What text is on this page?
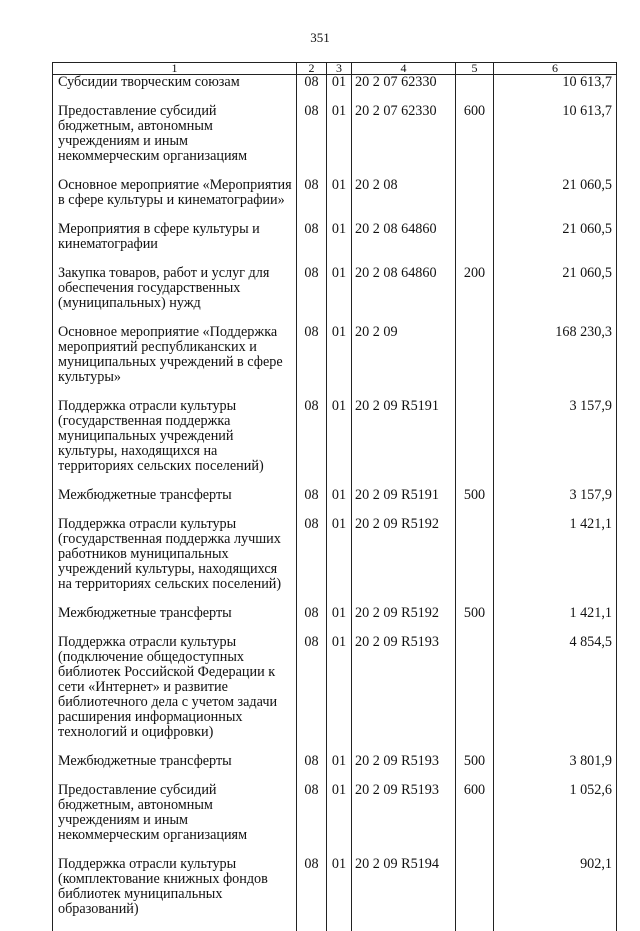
351
1	2	3	4	5	6
Субсидии творческим союзам	08	01	20 2 07 62330		10 613,7

Предоставление субсидий бюджетным, автономным учреждениям и иным некоммерческим организациям	08	01	20 2 07 62330	600	10 613,7

Основное мероприятие «Мероприятия в сфере культуры и кинематографии»	08	01	20 2 08		21 060,5

Мероприятия в сфере культуры и кинематографии	08	01	20 2 08 64860		21 060,5

Закупка товаров, работ и услуг для обеспечения государственных (муниципальных) нужд	08	01	20 2 08 64860	200	21 060,5

Основное мероприятие «Поддержка мероприятий республиканских и муниципальных учреждений в сфере культуры»	08	01	20 2 09		168 230,3

Поддержка отрасли культуры (государственная поддержка муниципальных учреждений культуры, находящихся на территориях сельских поселений)	08	01	20 2 09 R5191		3 157,9

Межбюджетные трансферты	08	01	20 2 09 R5191	500	3 157,9

Поддержка отрасли культуры (государственная поддержка лучших работников муниципальных учреждений культуры, находящихся на территориях сельских поселений)	08	01	20 2 09 R5192		1 421,1

Межбюджетные трансферты	08	01	20 2 09 R5192	500	1 421,1

Поддержка отрасли культуры (подключение общедоступных библиотек Российской Федерации к сети «Интернет» и развитие библиотечного дела с учетом задачи расширения информационных технологий и оцифровки)	08	01	20 2 09 R5193		4 854,5

Межбюджетные трансферты	08	01	20 2 09 R5193	500	3 801,9

Предоставление субсидий бюджетным, автономным учреждениям и иным некоммерческим организациям	08	01	20 2 09 R5193	600	1 052,6

Поддержка отрасли культуры (комплектование книжных фондов библиотек муниципальных образований)	08	01	20 2 09 R5194		902,1
